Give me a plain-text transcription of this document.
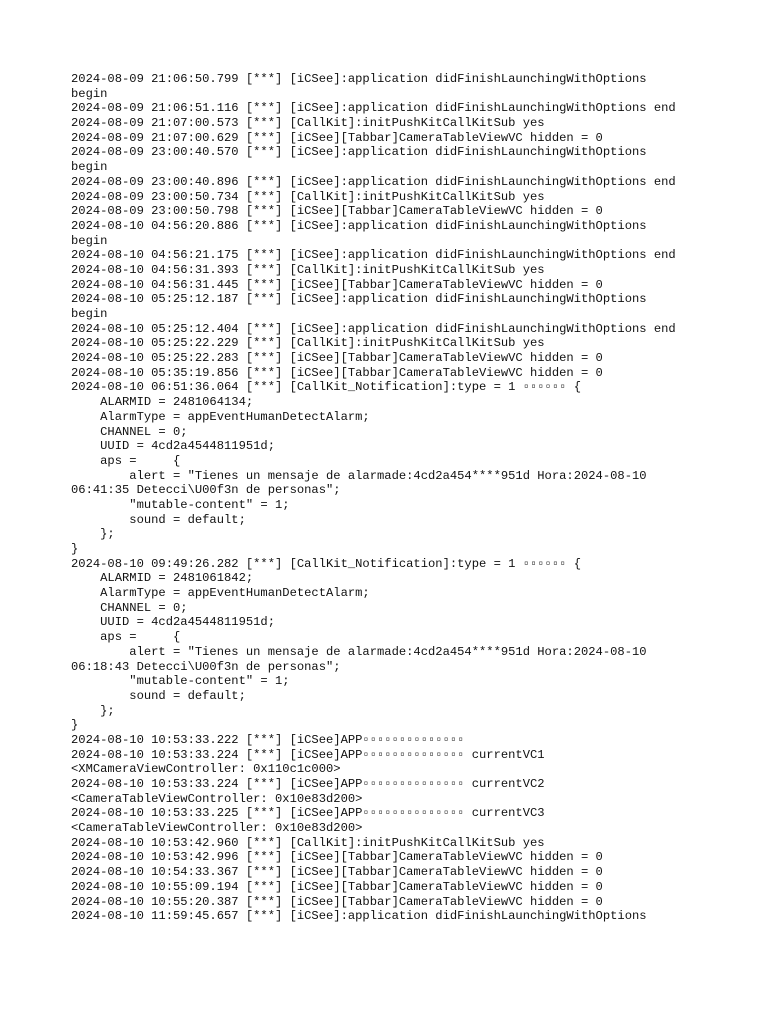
2024-08-09 21:06:50.799 [***] [iCSee]:application didFinishLaunchingWithOptions
begin
2024-08-09 21:06:51.116 [***] [iCSee]:application didFinishLaunchingWithOptions end
2024-08-09 21:07:00.573 [***] [CallKit]:initPushKitCallKitSub yes
2024-08-09 21:07:00.629 [***] [iCSee][Tabbar]CameraTableViewVC hidden = 0
2024-08-09 23:00:40.570 [***] [iCSee]:application didFinishLaunchingWithOptions
begin
2024-08-09 23:00:40.896 [***] [iCSee]:application didFinishLaunchingWithOptions end
2024-08-09 23:00:50.734 [***] [CallKit]:initPushKitCallKitSub yes
2024-08-09 23:00:50.798 [***] [iCSee][Tabbar]CameraTableViewVC hidden = 0
2024-08-10 04:56:20.886 [***] [iCSee]:application didFinishLaunchingWithOptions
begin
2024-08-10 04:56:21.175 [***] [iCSee]:application didFinishLaunchingWithOptions end
2024-08-10 04:56:31.393 [***] [CallKit]:initPushKitCallKitSub yes
2024-08-10 04:56:31.445 [***] [iCSee][Tabbar]CameraTableViewVC hidden = 0
2024-08-10 05:25:12.187 [***] [iCSee]:application didFinishLaunchingWithOptions
begin
2024-08-10 05:25:12.404 [***] [iCSee]:application didFinishLaunchingWithOptions end
2024-08-10 05:25:22.229 [***] [CallKit]:initPushKitCallKitSub yes
2024-08-10 05:25:22.283 [***] [iCSee][Tabbar]CameraTableViewVC hidden = 0
2024-08-10 05:35:19.856 [***] [iCSee][Tabbar]CameraTableViewVC hidden = 0
2024-08-10 06:51:36.064 [***] [CallKit_Notification]:type = 1 ▫▫▫▫▫▫ {
ALARMID = 2481064134;
AlarmType = appEventHumanDetectAlarm;
CHANNEL = 0;
UUID = 4cd2a4544811951d;
aps =     {
alert = "Tienes un mensaje de alarmade:4cd2a454****951d Hora:2024-08-10
06:41:35 Detecci\U00f3n de personas";
"mutable-content" = 1;
sound = default;
};
}
2024-08-10 09:49:26.282 [***] [CallKit_Notification]:type = 1 ▫▫▫▫▫▫ {
ALARMID = 2481061842;
AlarmType = appEventHumanDetectAlarm;
CHANNEL = 0;
UUID = 4cd2a4544811951d;
aps =     {
alert = "Tienes un mensaje de alarmade:4cd2a454****951d Hora:2024-08-10
06:18:43 Detecci\U00f3n de personas";
"mutable-content" = 1;
sound = default;
};
}
2024-08-10 10:53:33.222 [***] [iCSee]APP▫▫▫▫▫▫▫▫▫▫▫▫▫▫
2024-08-10 10:53:33.224 [***] [iCSee]APP▫▫▫▫▫▫▫▫▫▫▫▫▫▫ currentVC1
<XMCameraViewController: 0x110c1c000>
2024-08-10 10:53:33.224 [***] [iCSee]APP▫▫▫▫▫▫▫▫▫▫▫▫▫▫ currentVC2
<CameraTableViewController: 0x10e83d200>
2024-08-10 10:53:33.225 [***] [iCSee]APP▫▫▫▫▫▫▫▫▫▫▫▫▫▫ currentVC3
<CameraTableViewController: 0x10e83d200>
2024-08-10 10:53:42.960 [***] [CallKit]:initPushKitCallKitSub yes
2024-08-10 10:53:42.996 [***] [iCSee][Tabbar]CameraTableViewVC hidden = 0
2024-08-10 10:54:33.367 [***] [iCSee][Tabbar]CameraTableViewVC hidden = 0
2024-08-10 10:55:09.194 [***] [iCSee][Tabbar]CameraTableViewVC hidden = 0
2024-08-10 10:55:20.387 [***] [iCSee][Tabbar]CameraTableViewVC hidden = 0
2024-08-10 11:59:45.657 [***] [iCSee]:application didFinishLaunchingWithOptions
